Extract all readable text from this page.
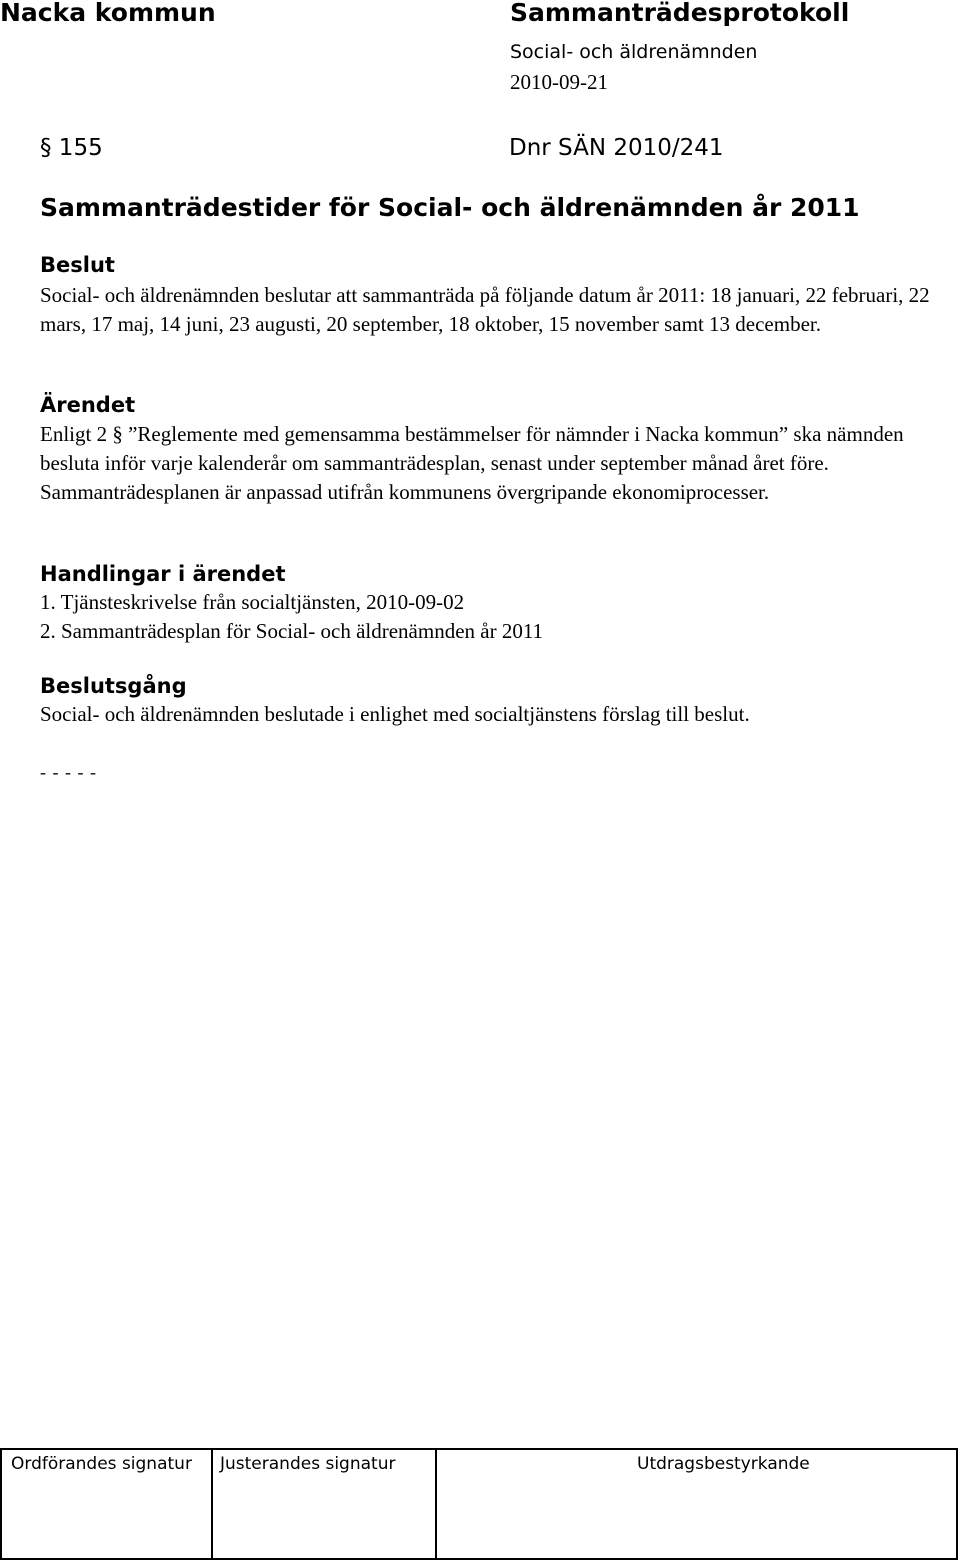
Nacka kommun	Sammanträdesprotokoll
Social- och äldrenämnden
2010-09-21
§ 155	Dnr SÄN 2010/241
Sammanträdestider för Social- och äldrenämnden år 2011
Beslut
Social- och äldrenämnden beslutar att sammanträda på följande datum år 2011: 18 januari, 22 februari, 22 mars, 17 maj, 14 juni, 23 augusti, 20 september, 18 oktober, 15 november samt 13 december.
Ärendet
Enligt 2 § ”Reglemente med gemensamma bestämmelser för nämnder i Nacka kommun” ska nämnden besluta inför varje kalenderår om sammanträdesplan, senast under september månad året före. Sammanträdesplanen är anpassad utifrån kommunens övergripande ekonomiprocesser.
Handlingar i ärendet
1. Tjänsteskrivelse från socialtjänsten, 2010-09-02
2. Sammanträdesplan för Social- och äldrenämnden år 2011
Beslutsgång
Social- och äldrenämnden beslutade i enlighet med socialtjänstens förslag till beslut.
- - - - -
Ordförandes signatur	Justerandes signatur	Utdragsbestyrkande
